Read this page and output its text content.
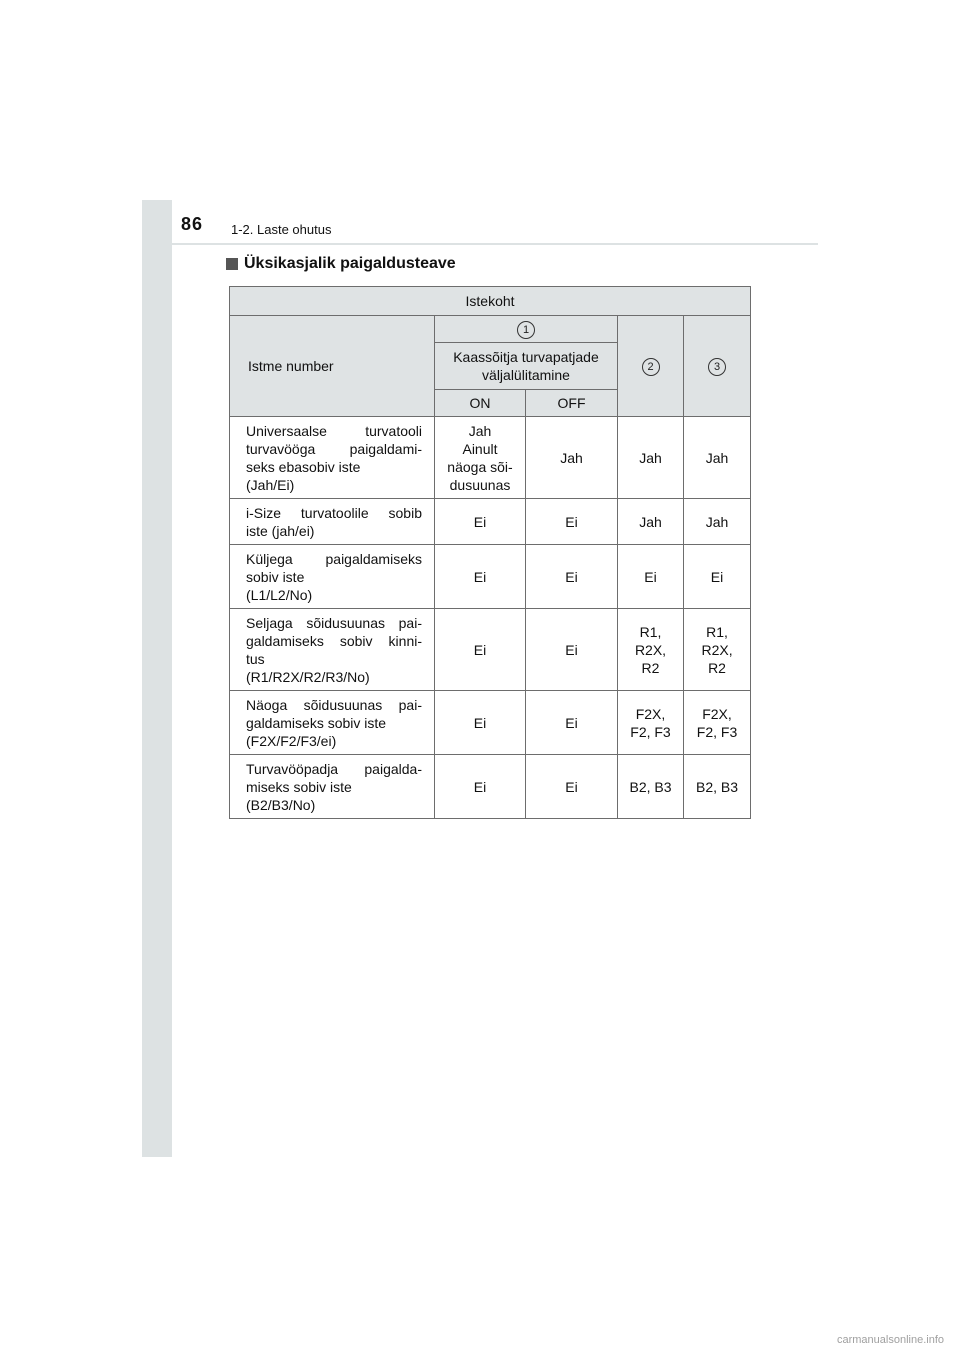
86 1-2. Laste ohutus
Üksikasjalik paigaldusteave
Istekoht				
Istme number	1		2	3

	Kaassõitja turvapatjade
väljalülitamine			

	ON	OFF		

Universaalse turvatooli
turvavööga paigaldami-
seks ebasobiv iste
(Jah/Ei)	Jah
Ainult
näoga sõi-
dusuunas	Jah	Jah	Jah

i-Size turvatoolile sobib
iste (jah/ei)	Ei	Ei	Jah	Jah

Küljega paigaldamiseks
sobiv iste
(L1/L2/No)	Ei	Ei	Ei	Ei

Seljaga sõidusuunas pai-
galdamiseks sobiv kinni-
tus
(R1/R2X/R2/R3/No)	Ei	Ei	R1,
R2X,
R2	R1,
R2X,
R2

Näoga sõidusuunas pai-
galdamiseks sobiv iste
(F2X/F2/F3/ei)	Ei	Ei	F2X,
F2, F3	F2X,
F2, F3

Turvavööpadja paigalda-
miseks sobiv iste
(B2/B3/No)	Ei	Ei	B2, B3	B2, B3
carmanualsonline.info
